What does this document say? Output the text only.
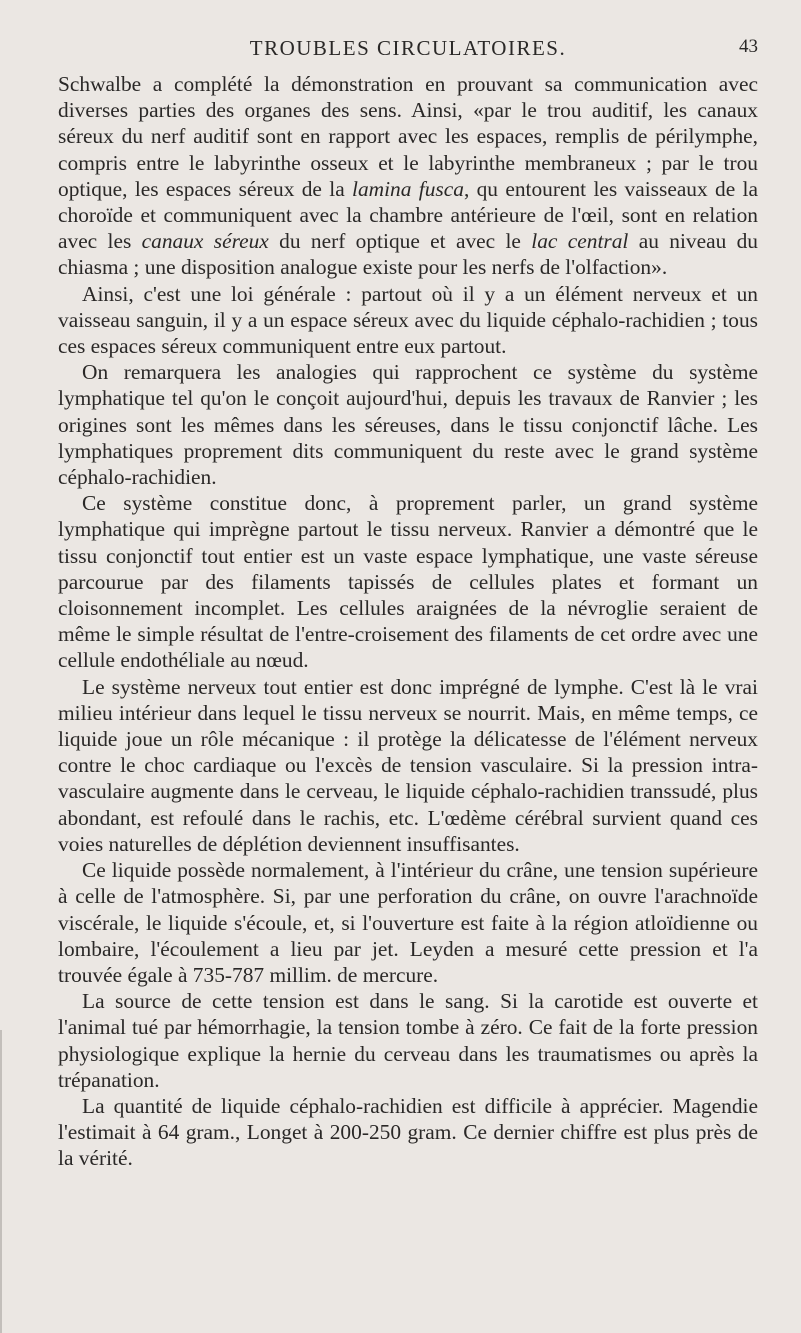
TROUBLES CIRCULATOIRES.	43

Schwalbe a complété la démonstration en prouvant sa communication avec diverses parties des organes des sens. Ainsi, «par le trou auditif, les canaux séreux du nerf auditif sont en rapport avec les espaces, remplis de périlymphe, compris entre le labyrinthe osseux et le labyrinthe membraneux ; par le trou optique, les espaces séreux de la lamina fusca, qu entourent les vaisseaux de la choroïde et communiquent avec la chambre antérieure de l'œil, sont en relation avec les canaux séreux du nerf optique et avec le lac central au niveau du chiasma ; une disposition analogue existe pour les nerfs de l'olfaction».

Ainsi, c'est une loi générale : partout où il y a un élément nerveux et un vaisseau sanguin, il y a un espace séreux avec du liquide céphalo-rachidien ; tous ces espaces séreux communiquent entre eux partout.

On remarquera les analogies qui rapprochent ce système du système lymphatique tel qu'on le conçoit aujourd'hui, depuis les travaux de Ranvier ; les origines sont les mêmes dans les séreuses, dans le tissu conjonctif lâche. Les lymphatiques proprement dits communiquent du reste avec le grand système céphalo-rachidien.

Ce système constitue donc, à proprement parler, un grand système lymphatique qui imprègne partout le tissu nerveux. Ranvier a démontré que le tissu conjonctif tout entier est un vaste espace lymphatique, une vaste séreuse parcourue par des filaments tapissés de cellules plates et formant un cloisonnement incomplet. Les cellules araignées de la névroglie seraient de même le simple résultat de l'entre-croisement des filaments de cet ordre avec une cellule endothéliale au nœud.

Le système nerveux tout entier est donc imprégné de lymphe. C'est là le vrai milieu intérieur dans lequel le tissu nerveux se nourrit. Mais, en même temps, ce liquide joue un rôle mécanique : il protège la délicatesse de l'élément nerveux contre le choc cardiaque ou l'excès de tension vasculaire. Si la pression intra-vasculaire augmente dans le cerveau, le liquide céphalo-rachidien transsudé, plus abondant, est refoulé dans le rachis, etc. L'œdème cérébral survient quand ces voies naturelles de déplétion deviennent insuffisantes.

Ce liquide possède normalement, à l'intérieur du crâne, une tension supérieure à celle de l'atmosphère. Si, par une perforation du crâne, on ouvre l'arachnoïde viscérale, le liquide s'écoule, et, si l'ouverture est faite à la région atloïdienne ou lombaire, l'écoulement a lieu par jet. Leyden a mesuré cette pression et l'a trouvée égale à 735-787 millim. de mercure.

La source de cette tension est dans le sang. Si la carotide est ouverte et l'animal tué par hémorrhagie, la tension tombe à zéro. Ce fait de la forte pression physiologique explique la hernie du cerveau dans les traumatismes ou après la trépanation.

La quantité de liquide céphalo-rachidien est difficile à apprécier. Magendie l'estimait à 64 gram., Longet à 200-250 gram. Ce dernier chiffre est plus près de la vérité.
